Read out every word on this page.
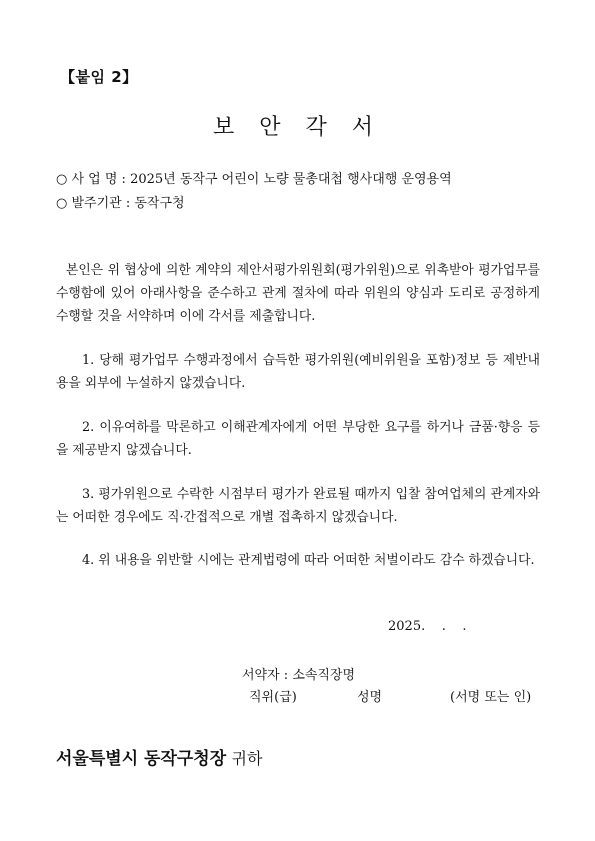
【붙임 2】
보 안 각 서
○ 사 업 명 : 2025년 동작구 어린이 노량 물총대첩 행사대행 운영용역
○ 발주기관 : 동작구청

본인은 위 협상에 의한 계약의 제안서평가위원회(평가위원)으로 위촉받아 평가업무를 수행함에 있어 아래사항을 준수하고 관계 절차에 따라 위원의 양심과 도리로 공정하게 수행할 것을 서약하며 이에 각서를 제출합니다.

1. 당해 평가업무 수행과정에서 습득한 평가위원(예비위원을 포함)정보 등 제반내용을 외부에 누설하지 않겠습니다.

2. 이유여하를 막론하고 이해관계자에게 어떤 부당한 요구를 하거나 금품·향응 등을 제공받지 않겠습니다.

3. 평가위원으로 수락한 시점부터 평가가 완료될 때까지 입찰 참여업체의 관계자와는 어떠한 경우에도 직·간접적으로 개별 접촉하지 않겠습니다.

4. 위 내용을 위반할 시에는 관계법령에 따라 어떠한 처벌이라도 감수 하겠습니다.

2025.    .    .
서약자 : 소속직장명
직위(급)	성명	(서명 또는 인)
서울특별시 동작구청장 귀하
